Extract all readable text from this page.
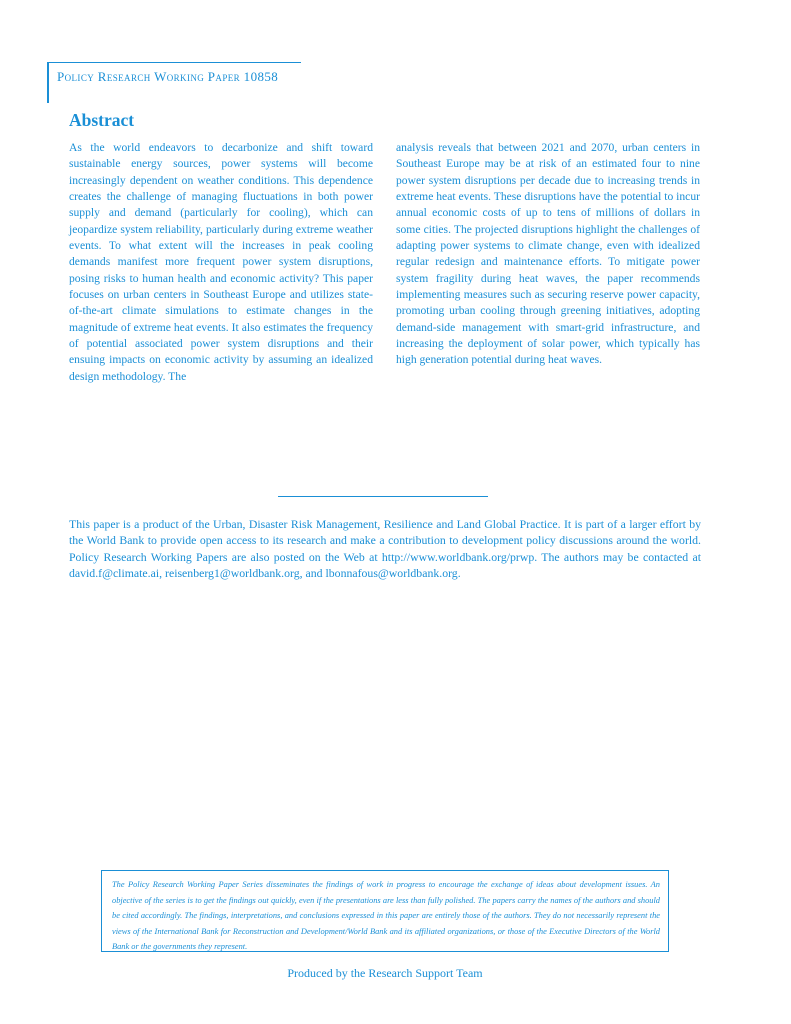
Policy Research Working Paper 10858
Abstract

As the world endeavors to decarbonize and shift toward sustainable energy sources, power systems will become increasingly dependent on weather conditions. This dependence creates the challenge of managing fluctuations in both power supply and demand (particularly for cooling), which can jeopardize system reliability, particularly during extreme weather events. To what extent will the increases in peak cooling demands manifest more frequent power system disruptions, posing risks to human health and economic activity? This paper focuses on urban centers in Southeast Europe and utilizes state-of-the-art climate simulations to estimate changes in the magnitude of extreme heat events. It also estimates the frequency of potential associated power system disruptions and their ensuing impacts on economic activity by assuming an idealized design methodology. The

analysis reveals that between 2021 and 2070, urban centers in Southeast Europe may be at risk of an estimated four to nine power system disruptions per decade due to increasing trends in extreme heat events. These disruptions have the potential to incur annual economic costs of up to tens of millions of dollars in some cities. The projected disruptions highlight the challenges of adapting power systems to climate change, even with idealized regular redesign and maintenance efforts. To mitigate power system fragility during heat waves, the paper recommends implementing measures such as securing reserve power capacity, promoting urban cooling through greening initiatives, adopting demand-side management with smart-grid infrastructure, and increasing the deployment of solar power, which typically has high generation potential during heat waves.

This paper is a product of the Urban, Disaster Risk Management, Resilience and Land Global Practice. It is part of a larger effort by the World Bank to provide open access to its research and make a contribution to development policy discussions around the world. Policy Research Working Papers are also posted on the Web at http://www.worldbank.org/prwp. The authors may be contacted at david.f@climate.ai, reisenberg1@worldbank.org, and lbonnafous@worldbank.org.

The Policy Research Working Paper Series disseminates the findings of work in progress to encourage the exchange of ideas about development issues. An objective of the series is to get the findings out quickly, even if the presentations are less than fully polished. The papers carry the names of the authors and should be cited accordingly. The findings, interpretations, and conclusions expressed in this paper are entirely those of the authors. They do not necessarily represent the views of the International Bank for Reconstruction and Development/World Bank and its affiliated organizations, or those of the Executive Directors of the World Bank or the governments they represent.

Produced by the Research Support Team
